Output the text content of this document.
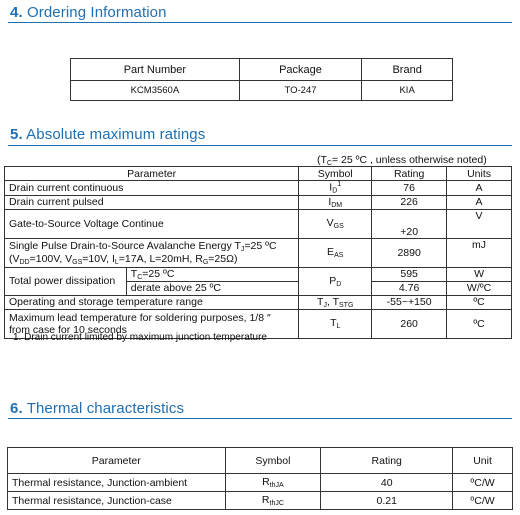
4. Ordering Information
Part Number	Package	Brand
KCM3560A	TO-247	KIA
5. Absolute maximum ratings
($T_C= 25$ ºC , unless otherwise noted)
Parameter		Symbol	Rating	Units
Drain current continuous		$I_D^1$	76	A
Drain current pulsed		$I_{DM}$	226	A
Gate-to-Source Voltage Continue		$V_{GS}$	+20	V

Single Pulse Drain-to-Source Avalanche Energy $T_J=25$ ºC
($V_{DD}=100V$, $V_{GS}=10V$, $I_L=17A$, L=20mH, $R_G=25\Omega$)		$E_{AS}$	2890	mJ
Total power dissipation	$T_C=25$ ºC	$P_D$	595	W
	derate above 25 ºC		4.76	W/ºC
Operating and storage temperature range		$T_J$, $T_{STG}$	-55~+150	ºC

Maximum lead temperature for soldering purposes, 1/8 ″
from case for 10 seconds		$T_L$	260	ºC
1. Drain current limited by maximum junction temperature
6. Thermal characteristics
Parameter	Symbol	Rating	Unit
Thermal resistance, Junction-ambient	$R_{thJA}$	40	ºC/W
Thermal resistance, Junction-case	$R_{thJC}$	0.21	ºC/W
